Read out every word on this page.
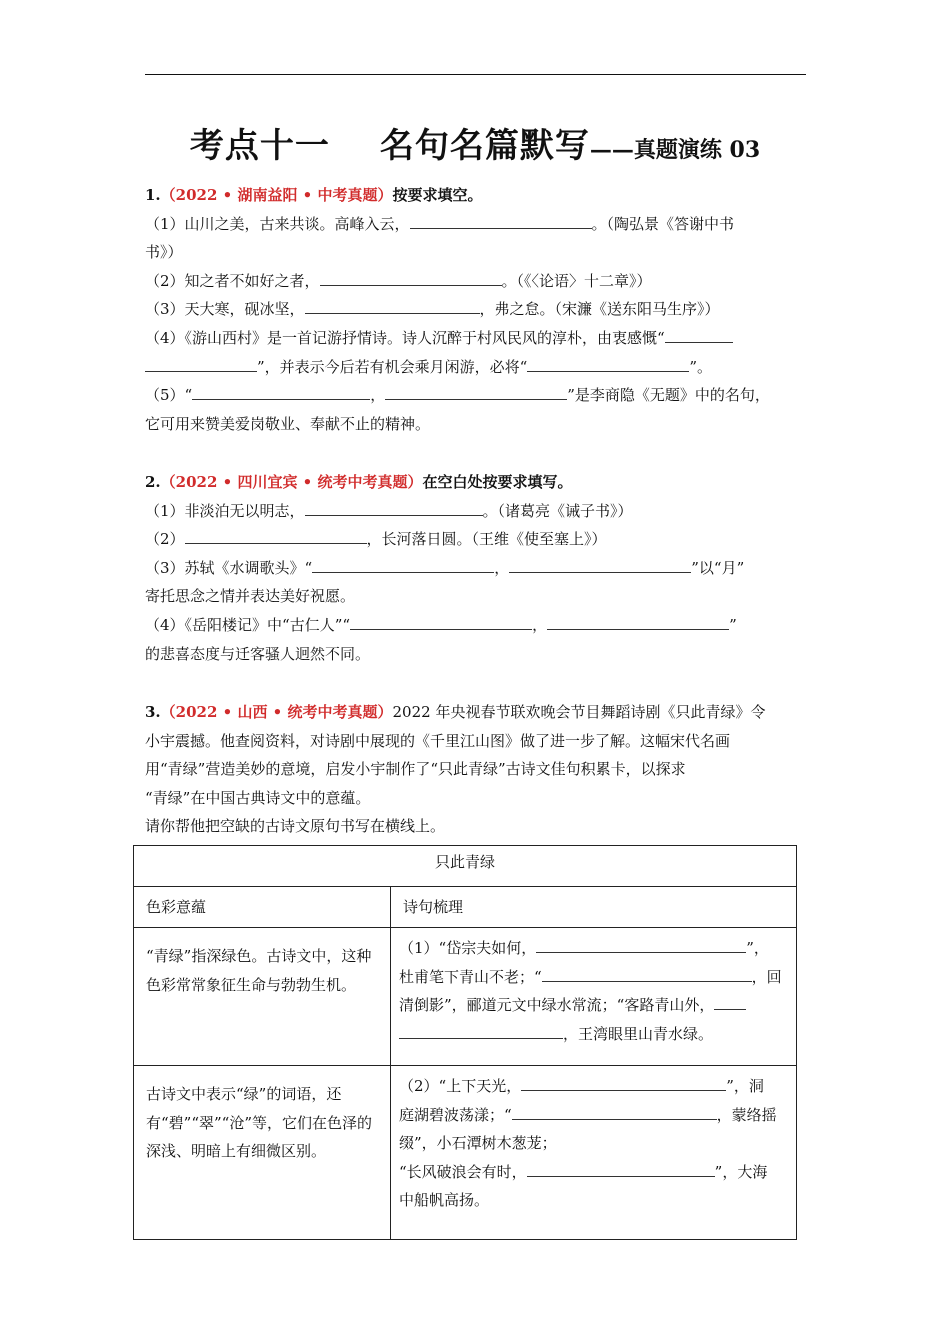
考点十一 名句名篇默写——真题演练 03
1.（2022 • 湖南益阳 • 中考真题）按要求填空。
（1）山川之美，古来共谈。高峰入云，	。（陶弘景《答谢中书
书》）
（2）知之者不如好之者，	。（《〈论语〉十二章》）
（3）天大寒，砚冰坚，	，弗之怠。（宋濂《送东阳马生序》）
（4）《游山西村》是一首记游抒情诗。诗人沉醉于村风民风的淳朴，由衷感慨“
”，并表示今后若有机会乘月闲游，必将“	”。
（5）“	，	”是李商隐《无题》中的名句，
它可用来赞美爱岗敬业、奉献不止的精神。
2.（2022 • 四川宜宾 • 统考中考真题）在空白处按要求填写。
（1）非淡泊无以明志，	。（诸葛亮《诫子书》）
（2）	，长河落日圆。（王维《使至塞上》）
（3）苏轼《水调歌头》“	，	”以“月”
寄托思念之情并表达美好祝愿。
（4）《岳阳楼记》中“古仁人”“	，	”
的悲喜态度与迁客骚人迥然不同。
3.（2022 • 山西 • 统考中考真题）2022 年央视春节联欢晚会节目舞蹈诗剧《只此青绿》令
小宇震撼。他查阅资料，对诗剧中展现的《千里江山图》做了进一步了解。这幅宋代名画
用“青绿”营造美妙的意境，启发小宇制作了“只此青绿”古诗文佳句积累卡，以探求
“青绿”在中国古典诗文中的意蕴。
请你帮他把空缺的古诗文原句书写在横线上。
只此青绿	
色彩意蕴	诗句梳理
“青绿”指深绿色。古诗文中，这种色彩常常象征生命与勃勃生机。	（1）“岱宗夫如何， ”，
杜甫笔下青山不老；“ ，回
清倒影”，郦道元文中绿水常流；“客路青山外，
，王湾眼里山青水绿。

古诗文中表示“绿”的词语，还有“碧”“翠”“沧”等，它们在色泽的深浅、明暗上有细微区别。	（2）“上下天光， ”，洞
庭湖碧波荡漾；“ ，蒙络摇
缀”，小石潭树木葱茏；
“长风破浪会有时， ”，大海
中船帆高扬。
